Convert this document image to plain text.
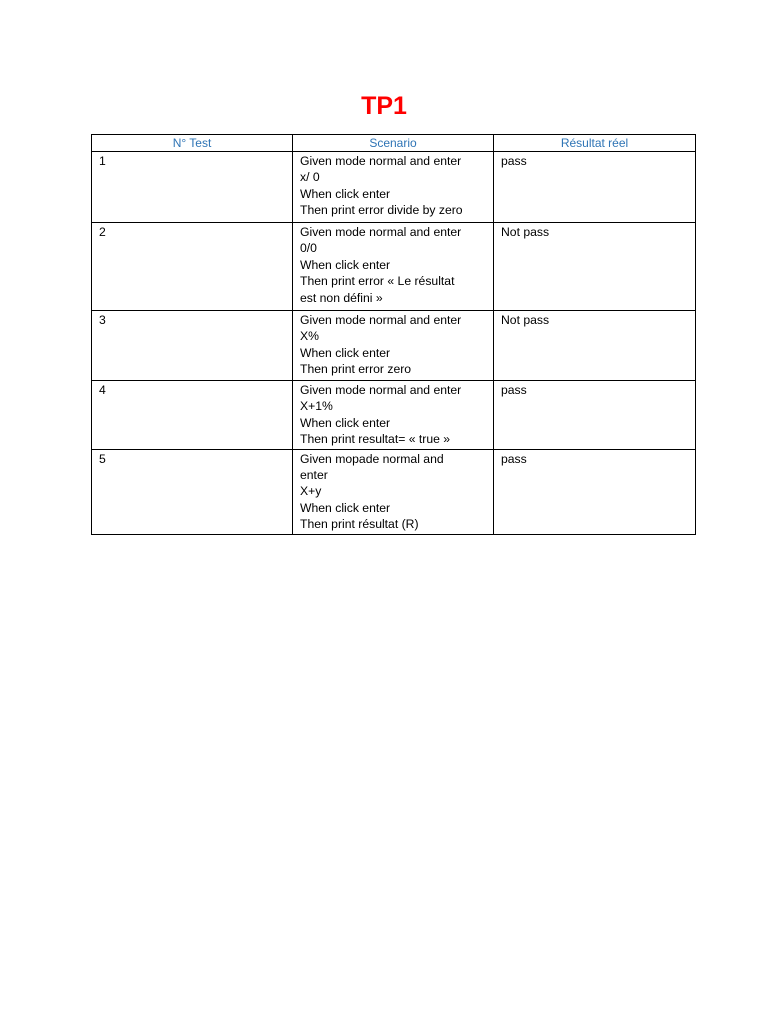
TP1
N° Test	Scenario	Résultat réel
1	Given mode normal and enter
x/ 0
When click enter
Then print error divide by zero	pass
2	Given mode normal and enter
0/0
When click enter
Then print error « Le résultat
est non défini »	Not pass
3	Given mode normal and enter
X%
When click enter
Then print error zero	Not pass
4	Given mode normal and enter
X+1%
When click enter
Then print resultat= « true »	pass
5	Given mopade normal and
enter
X+y
When click enter
Then print résultat (R)	pass
